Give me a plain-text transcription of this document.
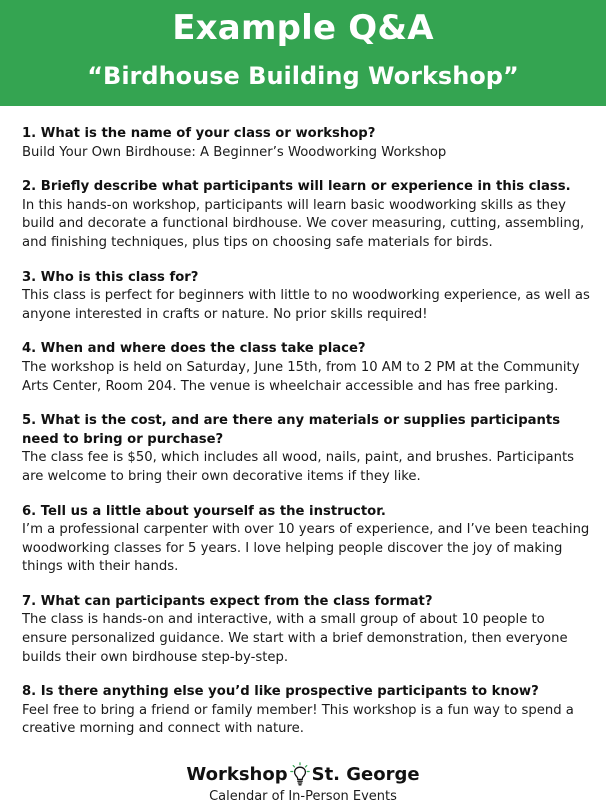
Example Q&A
“Birdhouse Building Workshop”
1. What is the name of your class or workshop?
Build Your Own Birdhouse: A Beginner’s Woodworking Workshop
2. Briefly describe what participants will learn or experience in this class.
In this hands-on workshop, participants will learn basic woodworking skills as they build and decorate a functional birdhouse. We cover measuring, cutting, assembling, and finishing techniques, plus tips on choosing safe materials for birds.
3. Who is this class for?
This class is perfect for beginners with little to no woodworking experience, as well as anyone interested in crafts or nature. No prior skills required!
4. When and where does the class take place?
The workshop is held on Saturday, June 15th, from 10 AM to 2 PM at the Community Arts Center, Room 204. The venue is wheelchair accessible and has free parking.
5. What is the cost, and are there any materials or supplies participants need to bring or purchase?
The class fee is $50, which includes all wood, nails, paint, and brushes. Participants are welcome to bring their own decorative items if they like.
6. Tell us a little about yourself as the instructor.
I’m a professional carpenter with over 10 years of experience, and I’ve been teaching woodworking classes for 5 years. I love helping people discover the joy of making things with their hands.
7. What can participants expect from the class format?
The class is hands-on and interactive, with a small group of about 10 people to ensure personalized guidance. We start with a brief demonstration, then everyone builds their own birdhouse step-by-step.
8. Is there anything else you’d like prospective participants to know?
Feel free to bring a friend or family member! This workshop is a fun way to spend a creative morning and connect with nature.
Workshop St. George
Calendar of In-Person Events
